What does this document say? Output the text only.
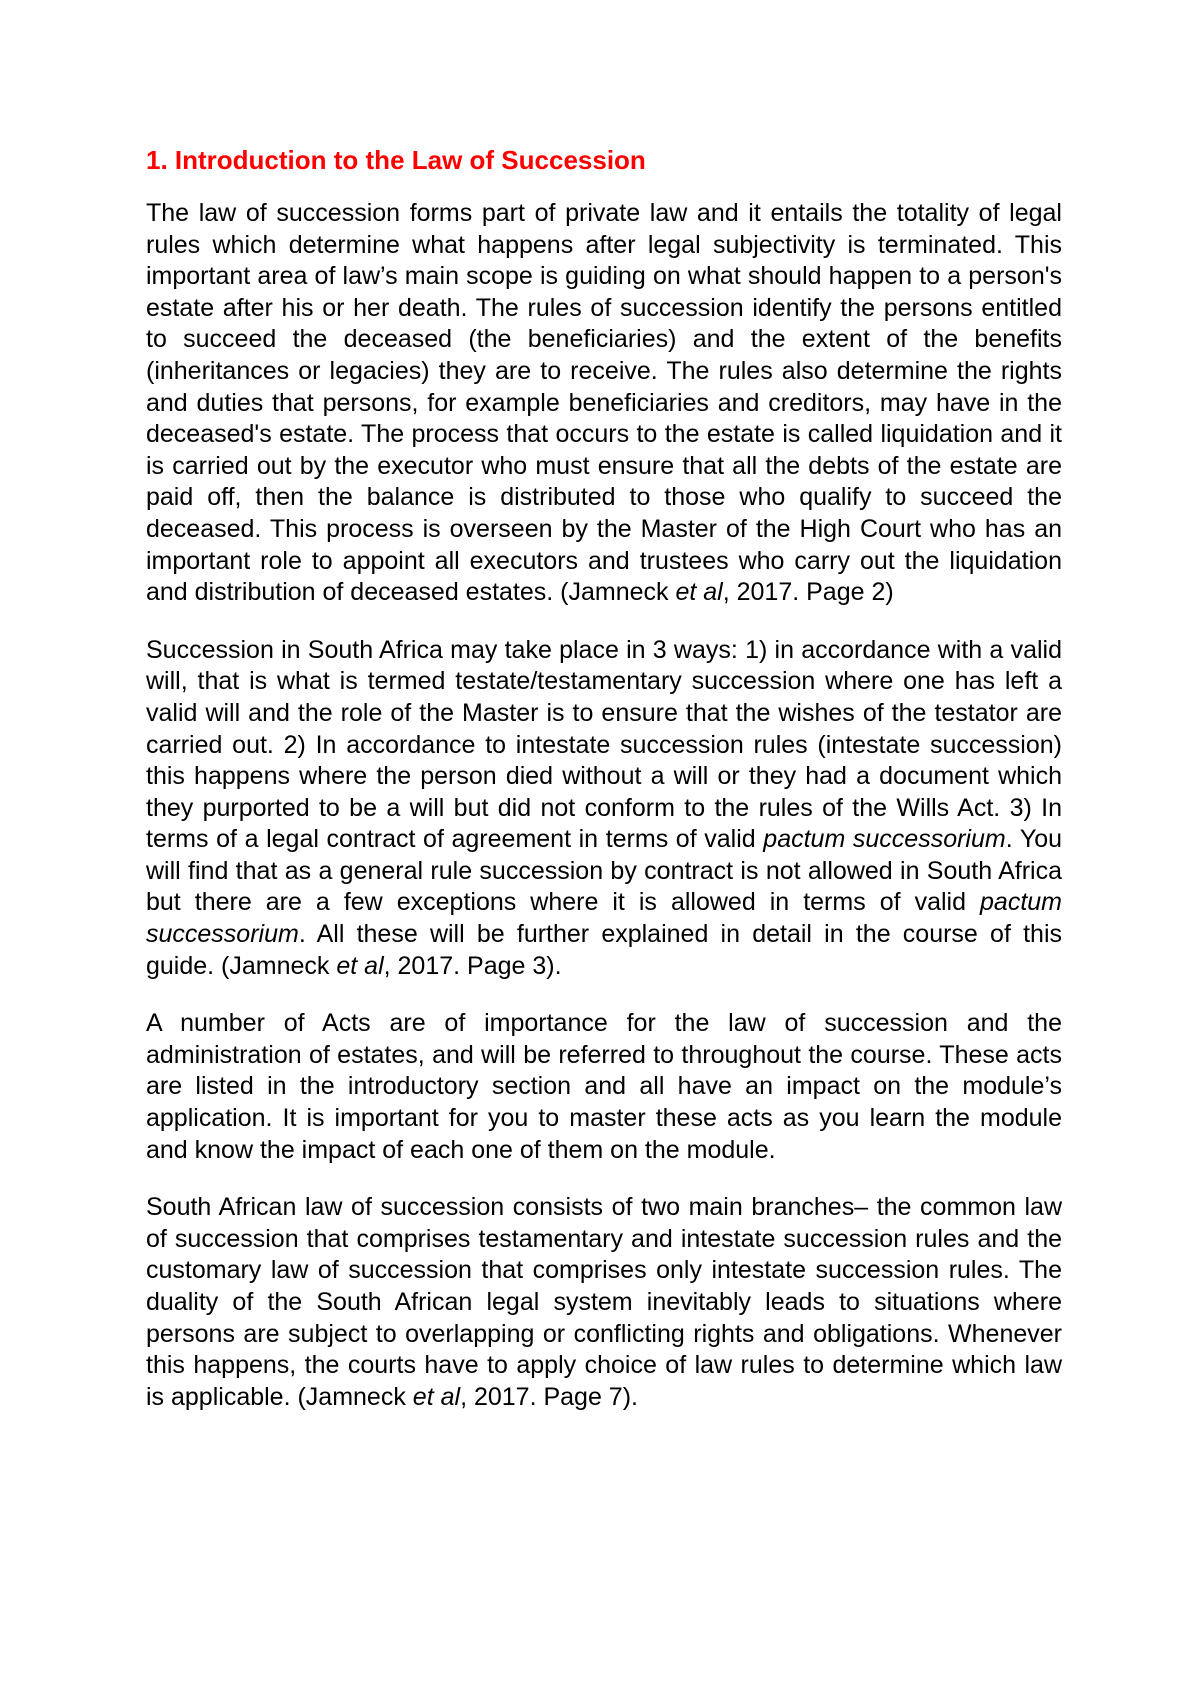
1. Introduction to the Law of Succession

The law of succession forms part of private law and it entails the totality of legal rules which determine what happens after legal subjectivity is terminated. This important area of law’s main scope is guiding on what should happen to a person's estate after his or her death. The rules of succession identify the persons entitled to succeed the deceased (the beneficiaries) and the extent of the benefits (inheritances or legacies) they are to receive. The rules also determine the rights and duties that persons, for example beneficiaries and creditors, may have in the deceased's estate. The process that occurs to the estate is called liquidation and it is carried out by the executor who must ensure that all the debts of the estate are paid off, then the balance is distributed to those who qualify to succeed the deceased. This process is overseen by the Master of the High Court who has an important role to appoint all executors and trustees who carry out the liquidation and distribution of deceased estates. (Jamneck et al, 2017. Page 2)

Succession in South Africa may take place in 3 ways: 1) in accordance with a valid will, that is what is termed testate/testamentary succession where one has left a valid will and the role of the Master is to ensure that the wishes of the testator are carried out. 2) In accordance to intestate succession rules (intestate succession) this happens where the person died without a will or they had a document which they purported to be a will but did not conform to the rules of the Wills Act. 3) In terms of a legal contract of agreement in terms of valid pactum successorium. You will find that as a general rule succession by contract is not allowed in South Africa but there are a few exceptions where it is allowed in terms of valid pactum successorium. All these will be further explained in detail in the course of this guide. (Jamneck et al, 2017. Page 3).

A number of Acts are of importance for the law of succession and the administration of estates, and will be referred to throughout the course. These acts are listed in the introductory section and all have an impact on the module’s application. It is important for you to master these acts as you learn the module and know the impact of each one of them on the module.

South African law of succession consists of two main branches– the common law of succession that comprises testamentary and intestate succession rules and the customary law of succession that comprises only intestate succession rules. The duality of the South African legal system inevitably leads to situations where persons are subject to overlapping or conflicting rights and obligations. Whenever this happens, the courts have to apply choice of law rules to determine which law is applicable. (Jamneck et al, 2017. Page 7).
